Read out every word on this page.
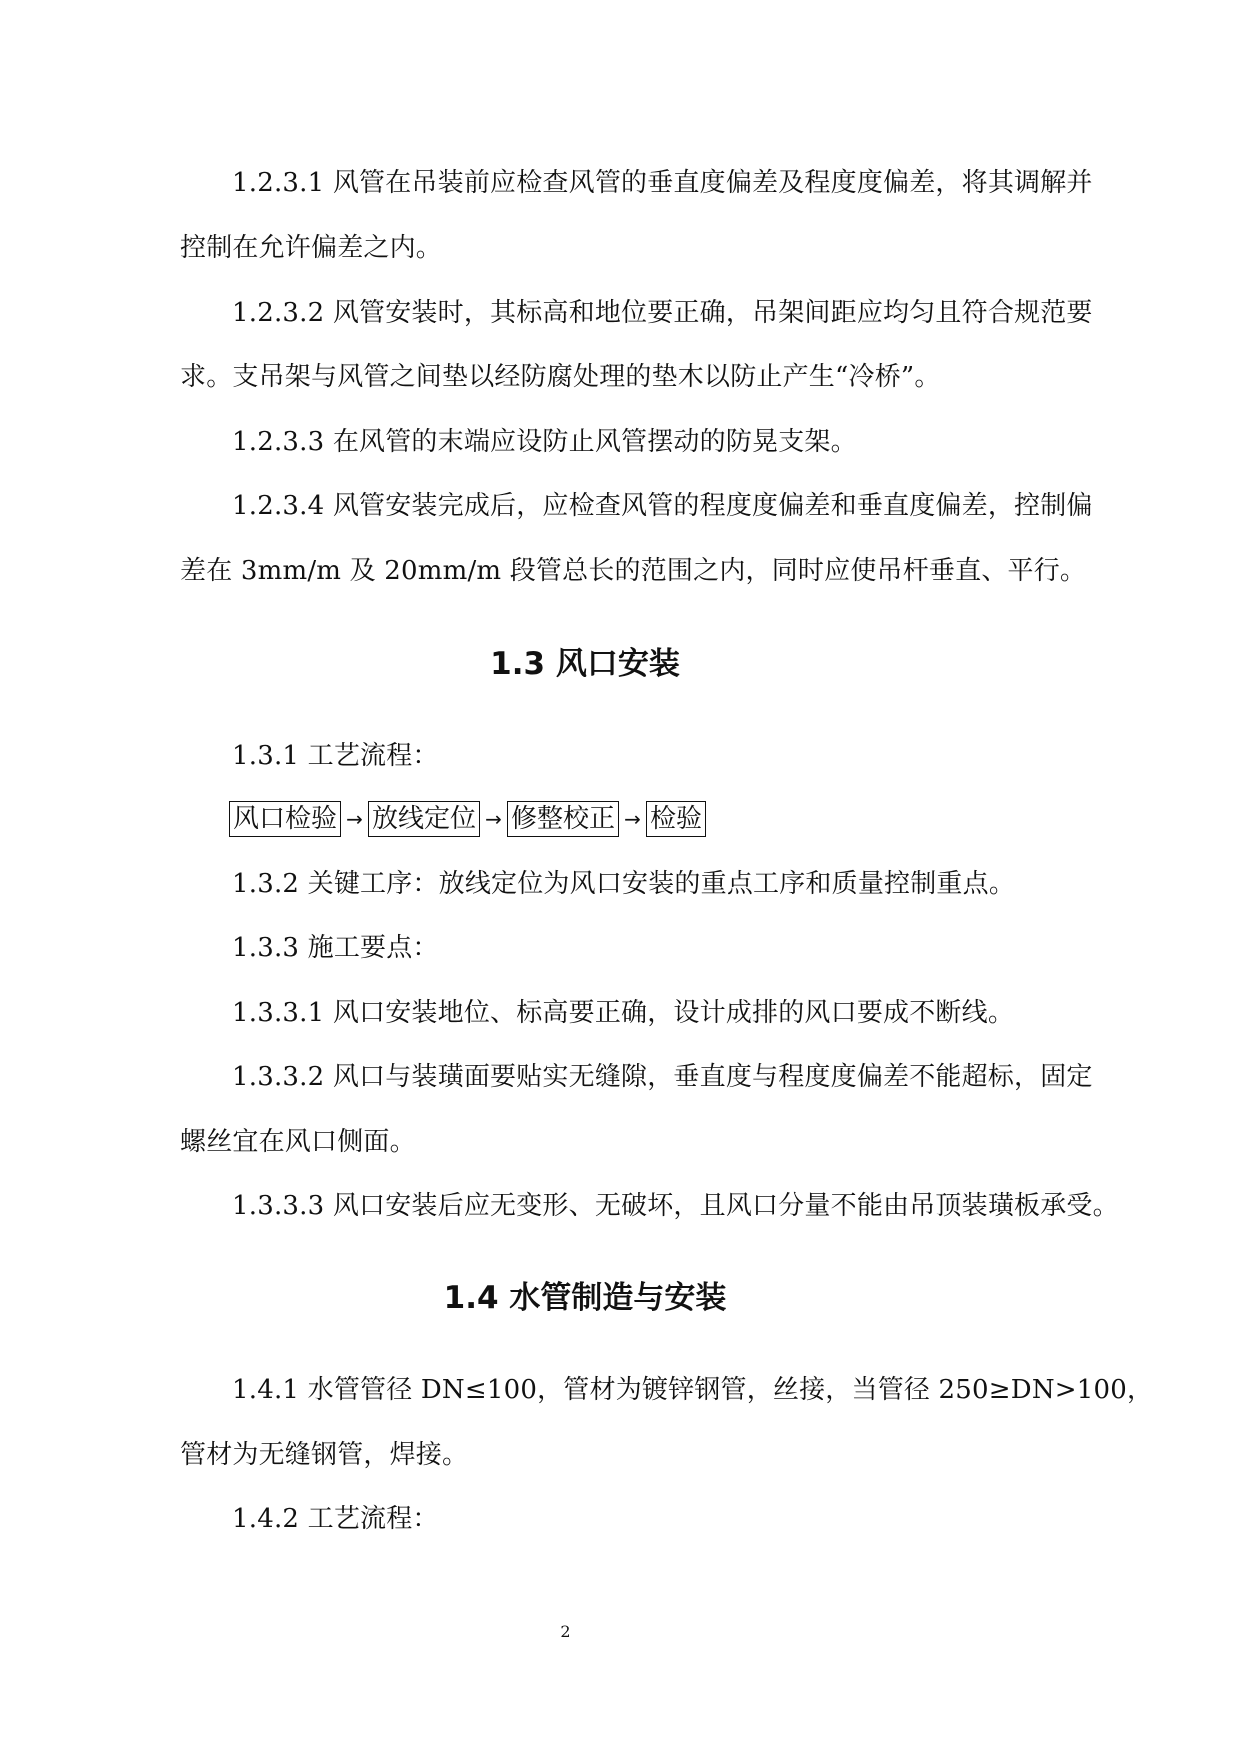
1.2.3.1 风管在吊装前应检查风管的垂直度偏差及程度度偏差，将其调解并
控制在允许偏差之内。
1.2.3.2 风管安装时，其标高和地位要正确，吊架间距应均匀且符合规范要
求。支吊架与风管之间垫以经防腐处理的垫木以防止产生“冷桥”。
1.2.3.3 在风管的末端应设防止风管摆动的防晃支架。
1.2.3.4 风管安装完成后，应检查风管的程度度偏差和垂直度偏差，控制偏
差在 3mm/m 及 20mm/m 段管总长的范围之内，同时应使吊杆垂直、平行。
1.3 风口安装
1.3.1 工艺流程：
风口检验 → 放线定位 → 修整校正 → 检验
1.3.2 关键工序：放线定位为风口安装的重点工序和质量控制重点。
1.3.3 施工要点：
1.3.3.1 风口安装地位、标高要正确，设计成排的风口要成不断线。
1.3.3.2 风口与装璜面要贴实无缝隙，垂直度与程度度偏差不能超标，固定
螺丝宜在风口侧面。
1.3.3.3 风口安装后应无变形、无破坏，且风口分量不能由吊顶装璜板承受。
1.4 水管制造与安装
1.4.1 水管管径 DN≤100，管材为镀锌钢管，丝接，当管径 250≥DN>100，
管材为无缝钢管，焊接。
1.4.2 工艺流程：
2
